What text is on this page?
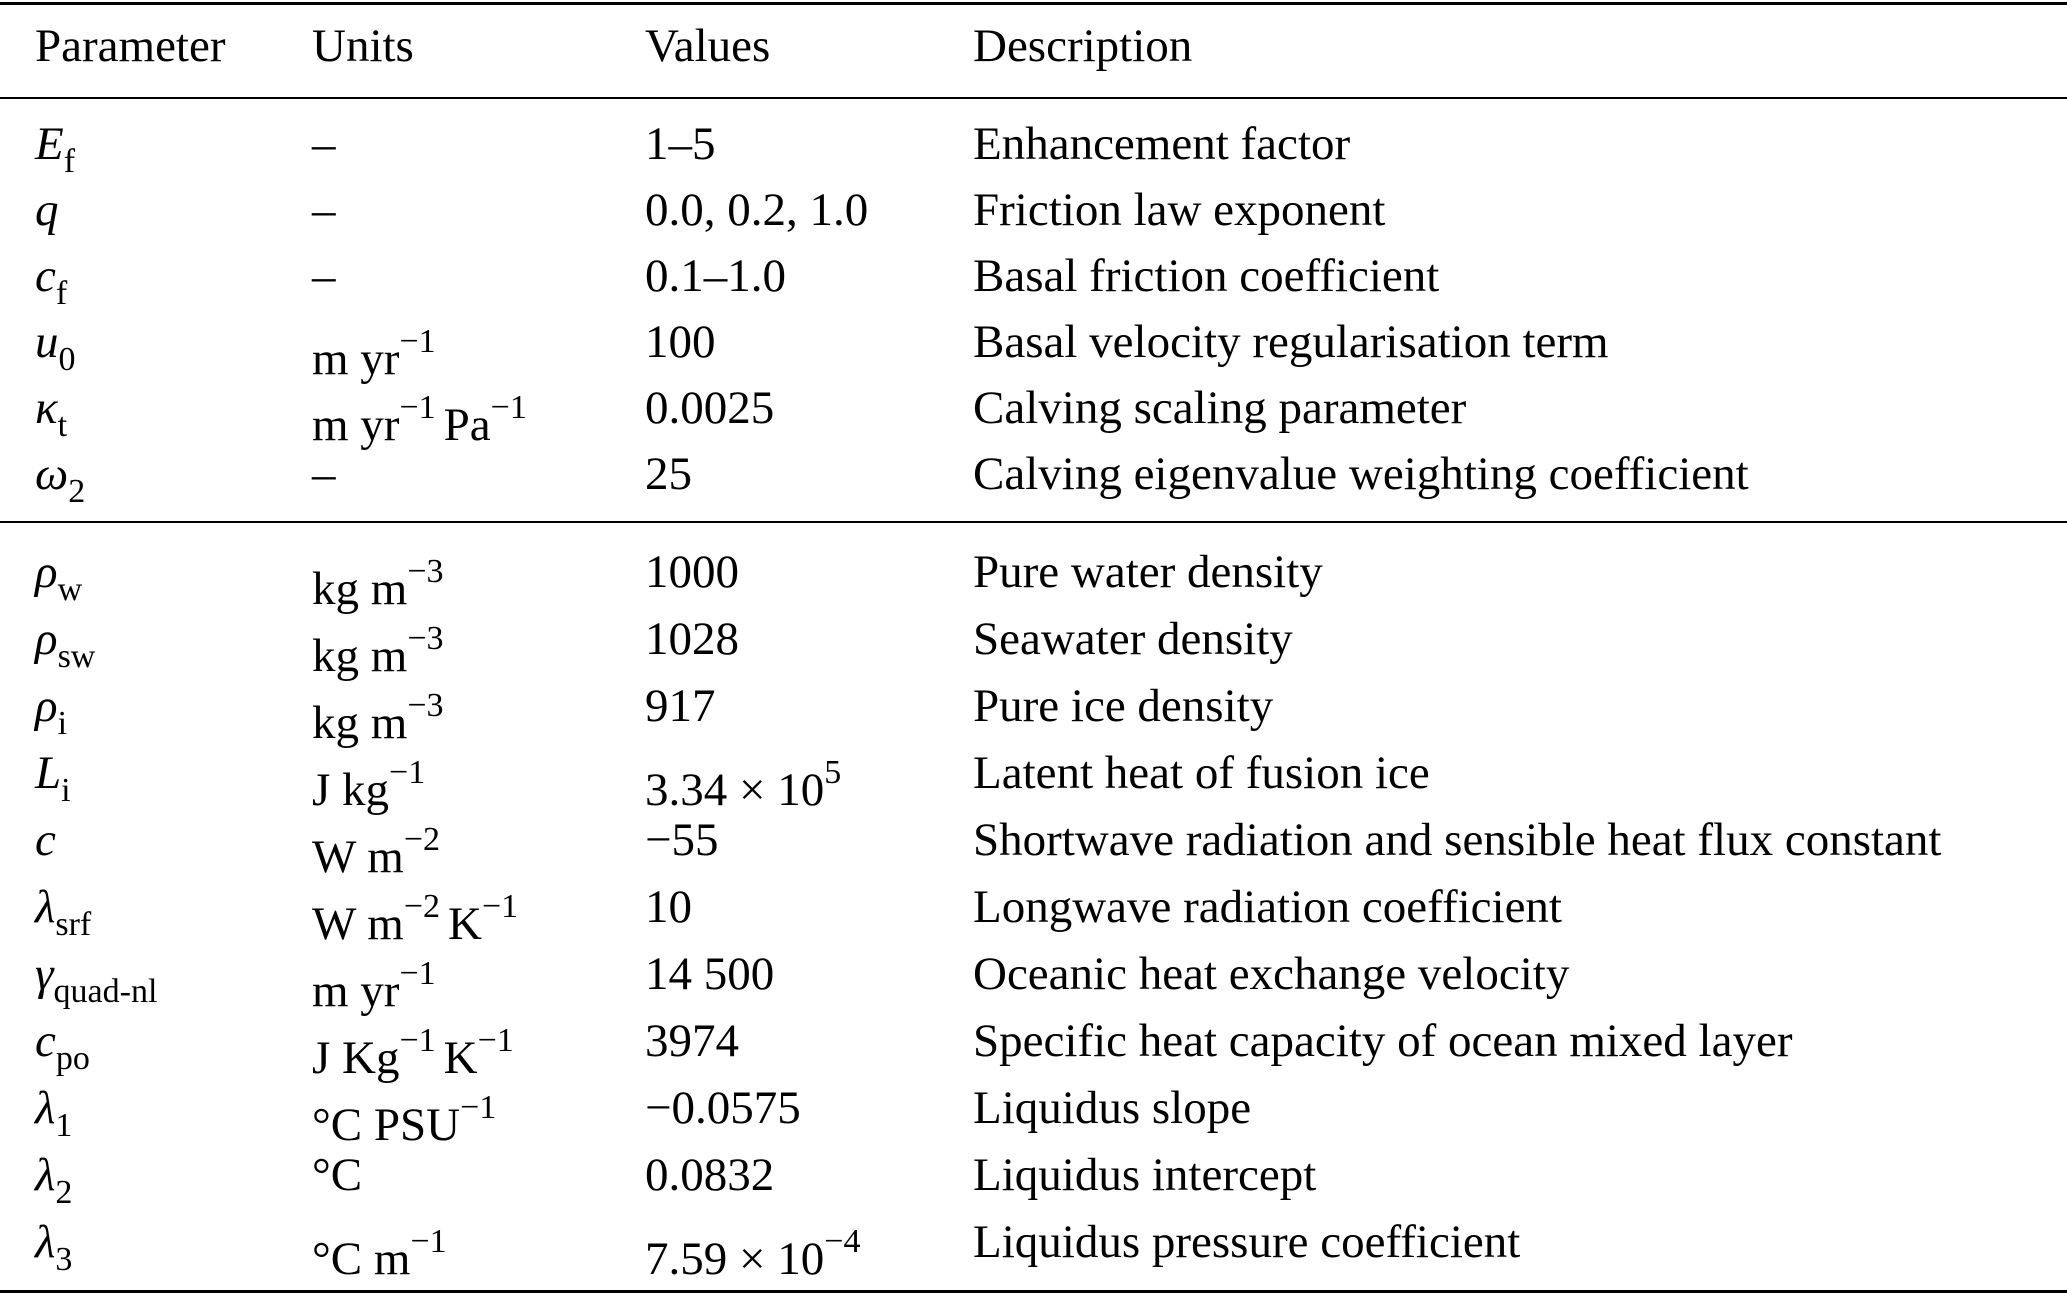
Parameter Units	Values	Description
$E_f$	–	1–5	Enhancement factor
q	–	0.0, 0.2, 1.0 Friction law exponent
$c_f$	–	0.1–1.0	Basal friction coefficient
$u_0$	m $yr^{-1}$	100	Basal velocity regularisation term
$\kappa_t$	m $yr^{-1}$ $Pa^{-1}$	0.0025	Calving scaling parameter
$\omega_2$	–	25	Calving eigenvalue weighting coefficient
$\rho_w$	kg $m^{-3}$	1000	Pure water density
$\rho_{sw}$	kg $m^{-3}$	1028	Seawater density
$\rho_i$	kg $m^{-3}$	917	Pure ice density
$L_i$	J $kg^{-1}$	$3.34 \times 10^5$	Latent heat of fusion ice
c	W $m^{-2}$	−55	Shortwave radiation and sensible heat flux constant
$\lambda_{srf}$	W $m^{-2}$ $K^{-1}$	10	Longwave radiation coefficient
$\gamma_{quad-nl}$	m $yr^{-1}$	14 500	Oceanic heat exchange velocity
$c_{po}$	J $Kg^{-1}$ $K^{-1}$	3974	Specific heat capacity of ocean mixed layer
$\lambda_1$	°C $PSU^{-1}$	−0.0575	Liquidus slope
$\lambda_2$	°C	0.0832	Liquidus intercept
$\lambda_3$	°C $m^{-1}$	$7.59 \times 10^{-4}$ Liquidus pressure coefficient
